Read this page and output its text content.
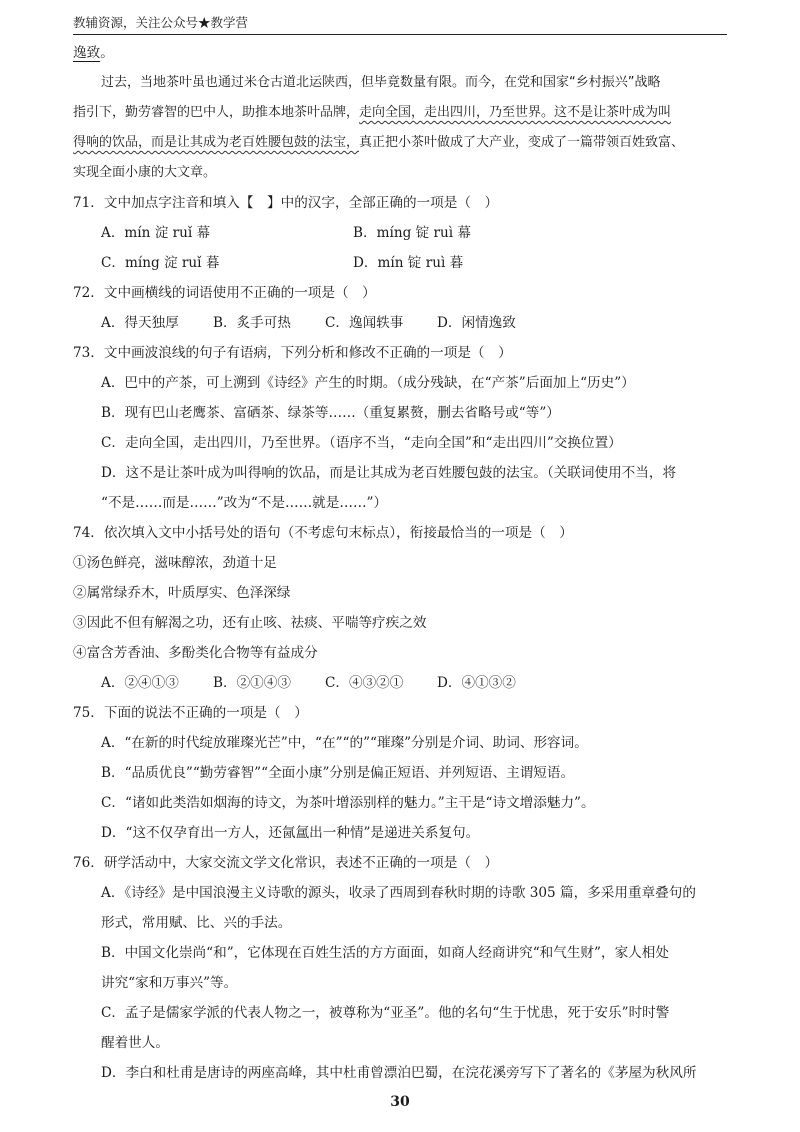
教辅资源，关注公众号★教学营
逸致。
过去，当地茶叶虽也通过米仓古道北运陕西，但毕竟数量有限。而今，在党和国家“乡村振兴”战略
指引下，勤劳睿智的巴中人，助推本地茶叶品牌，走向全国，走出四川，乃至世界。这不是让茶叶成为叫
得响的饮品，而是让其成为老百姓腰包鼓的法宝，真正把小茶叶做成了大产业，变成了一篇带领百姓致富、
实现全面小康的大文章。
71．文中加点字注音和填入【　】中的汉字，全部正确的一项是（　）
A．mín 淀 ruǐ 幕	B．míng 锭 ruì 幕
C．míng 淀 ruǐ 暮	D．mín 锭 ruì 暮
72．文中画横线的词语使用不正确的一项是（　）
A．得天独厚	B．炙手可热	C．逸闻轶事 D．闲情逸致
73．文中画波浪线的句子有语病，下列分析和修改不正确的一项是（　）
A．巴中的产茶，可上溯到《诗经》产生的时期。（成分残缺，在“产茶”后面加上“历史”）
B．现有巴山老鹰茶、富硒茶、绿茶等……（重复累赘，删去省略号或“等”）
C．走向全国，走出四川，乃至世界。（语序不当，“走向全国”和“走出四川”交换位置）
D．这不是让茶叶成为叫得响的饮品，而是让其成为老百姓腰包鼓的法宝。（关联词使用不当，将
“不是……而是……”改为“不是……就是……”）
74．依次填入文中小括号处的语句（不考虑句末标点），衔接最恰当的一项是（　）
①汤色鲜亮，滋味醇浓，劲道十足
②属常绿乔木，叶质厚实、色泽深绿
③因此不但有解渴之功，还有止咳、祛痰、平喘等疗疾之效
④富含芳香油、多酚类化合物等有益成分
A．②④①③	B．②①④③	C．④③②① D．④①③②
75．下面的说法不正确的一项是（　）
A．“在新的时代绽放璀璨光芒”中，“在”“的”“璀璨”分别是介词、助词、形容词。
B．“品质优良”“勤劳睿智”“全面小康”分别是偏正短语、并列短语、主谓短语。
C．“诸如此类浩如烟海的诗文，为茶叶增添别样的魅力。”主干是“诗文增添魅力”。
D．“这不仅孕育出一方人，还氤氲出一种情”是递进关系复句。
76．研学活动中，大家交流文学文化常识，表述不正确的一项是（　）
A．《诗经》是中国浪漫主义诗歌的源头，收录了西周到春秋时期的诗歌 305 篇，多采用重章叠句的
形式，常用赋、比、兴的手法。
B．中国文化崇尚“和”，它体现在百姓生活的方方面面，如商人经商讲究“和气生财”，家人相处
讲究“家和万事兴”等。
C．孟子是儒家学派的代表人物之一，被尊称为“亚圣”。他的名句“生于忧患，死于安乐”时时警
醒着世人。
D．李白和杜甫是唐诗的两座高峰，其中杜甫曾漂泊巴蜀，在浣花溪旁写下了著名的《茅屋为秋风所
30
